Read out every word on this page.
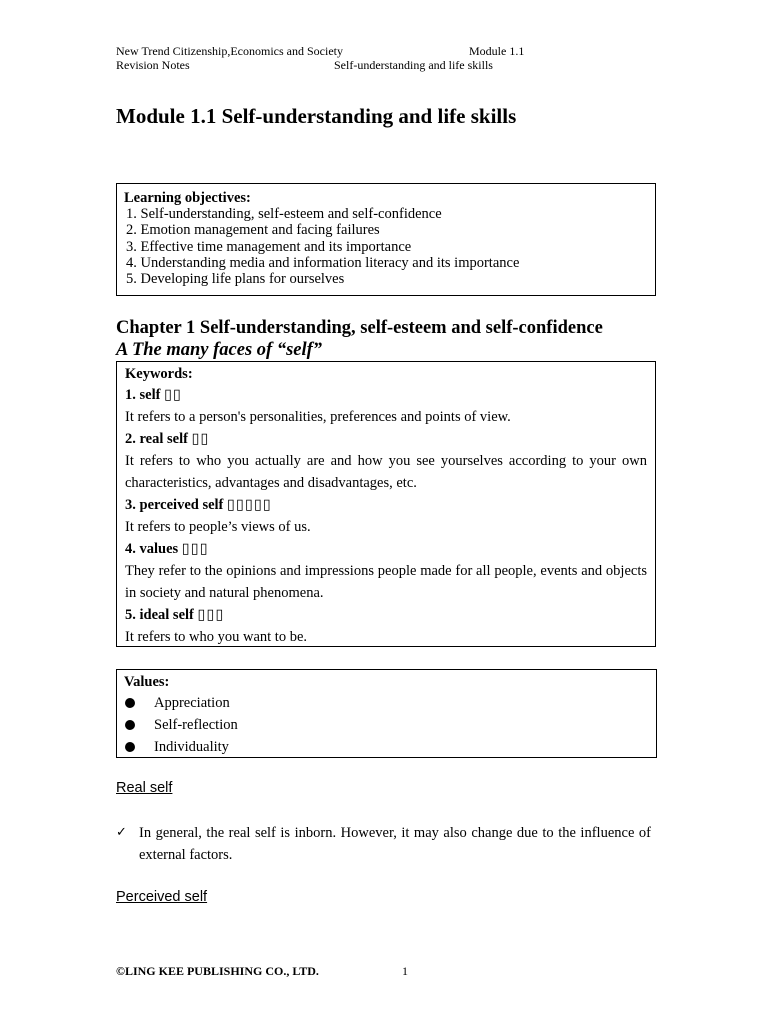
New Trend Citizenship,Economics and Society	Module 1.1
Revision Notes	Self-understanding and life skills
Module 1.1 Self-understanding and life skills
Learning objectives:
1. Self-understanding, self-esteem and self-confidence
2. Emotion management and facing failures
3. Effective time management and its importance
4. Understanding media and information literacy and its importance
5. Developing life plans for ourselves
Chapter 1 Self-understanding, self-esteem and self-confidence
A The many faces of “self”
Keywords:
1. self ▯▯
It refers to a person's personalities, preferences and points of view.
2. real self ▯▯
It refers to who you actually are and how you see yourselves according to your own characteristics, advantages and disadvantages, etc.
3. perceived self ▯▯▯▯▯
It refers to people’s views of us.
4. values ▯▯▯
They refer to the opinions and impressions people made for all people, events and objects in society and natural phenomena.
5. ideal self ▯▯▯
It refers to who you want to be.
Values:
Appreciation
Self-reflection
Individuality
Real self
✓ In general, the real self is inborn. However, it may also change due to the influence of external factors.
Perceived self
©LING KEE PUBLISHING CO., LTD.	1
